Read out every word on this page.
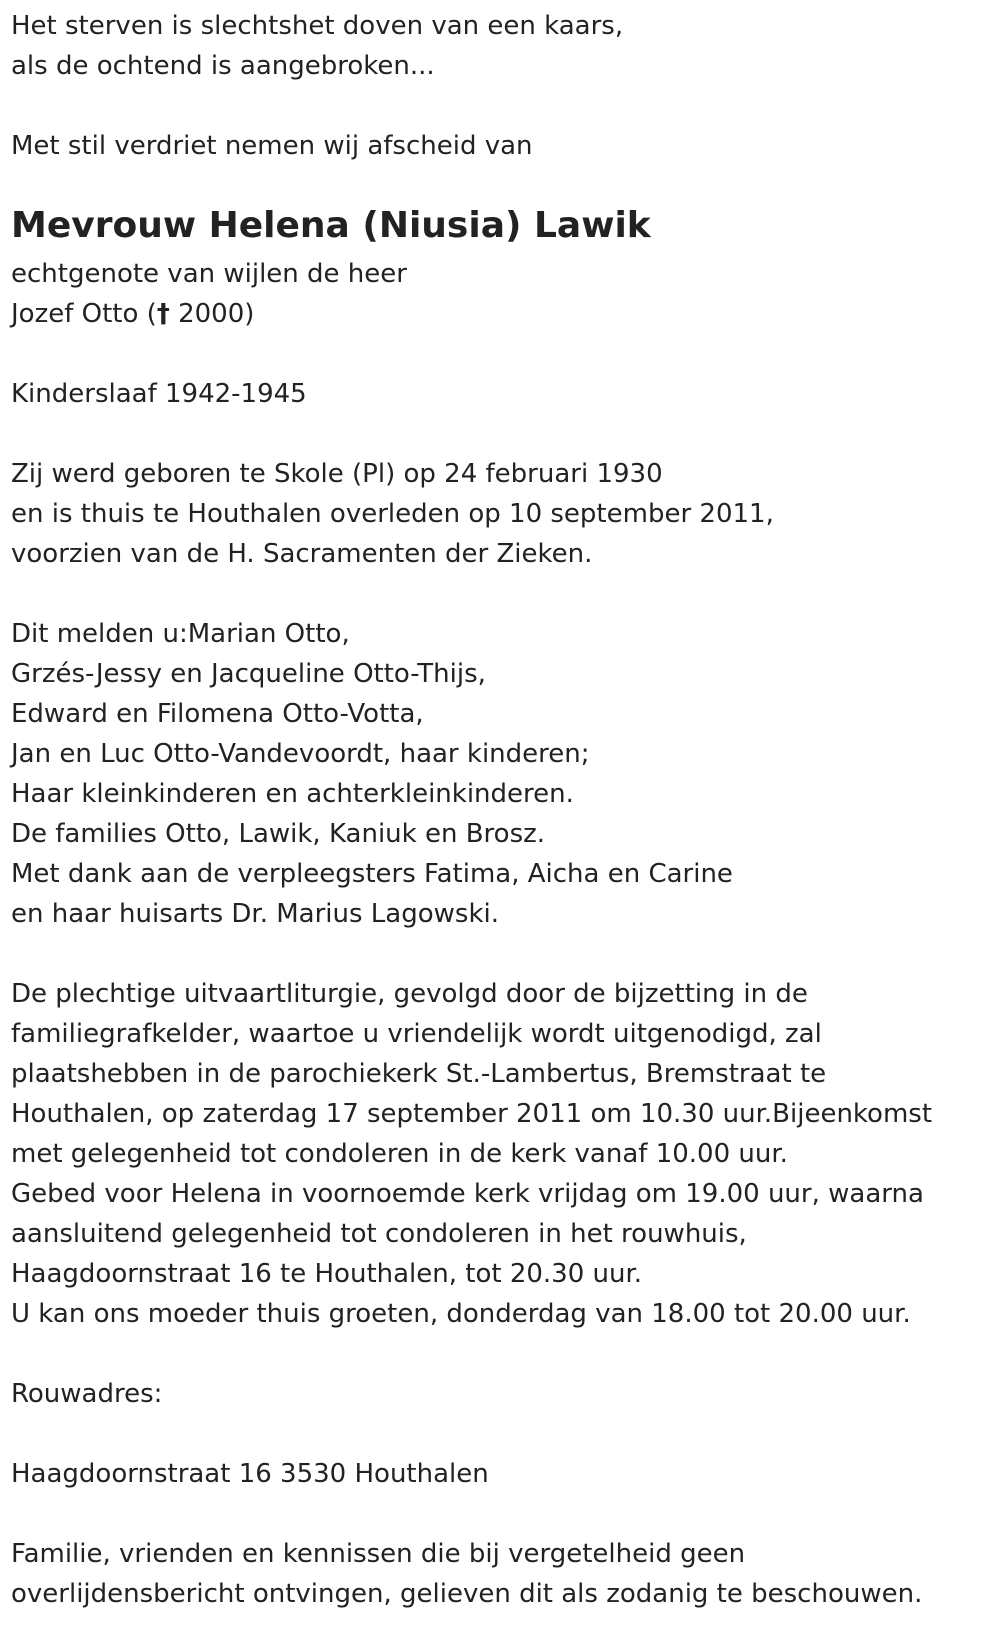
Het sterven is slechtshet doven van een kaars,

als de ochtend is aangebroken...

Met stil verdriet nemen wij afscheid van

Mevrouw Helena (Niusia) Lawik

echtgenote van wijlen de heer

Jozef Otto († 2000)

Kinderslaaf 1942-1945

Zij werd geboren te Skole (Pl) op 24 februari 1930

en is thuis te Houthalen overleden op 10 september 2011,

voorzien van de H. Sacramenten der Zieken.

Dit melden u:Marian Otto,

Grzés-Jessy en Jacqueline Otto-Thijs,

Edward en Filomena Otto-Votta,

Jan en Luc Otto-Vandevoordt, haar kinderen;

Haar kleinkinderen en achterkleinkinderen.

De families Otto, Lawik, Kaniuk en Brosz.

Met dank aan de verpleegsters Fatima, Aicha en Carine

en haar huisarts Dr. Marius Lagowski.

De plechtige uitvaartliturgie, gevolgd door de bijzetting in de

familiegrafkelder, waartoe u vriendelijk wordt uitgenodigd, zal

plaatshebben in de parochiekerk St.-Lambertus, Bremstraat te

Houthalen, op zaterdag 17 september 2011 om 10.30 uur.Bijeenkomst

met gelegenheid tot condoleren in de kerk vanaf 10.00 uur.

Gebed voor Helena in voornoemde kerk vrijdag om 19.00 uur, waarna

aansluitend gelegenheid tot condoleren in het rouwhuis,

Haagdoornstraat 16 te Houthalen, tot 20.30 uur.

U kan ons moeder thuis groeten, donderdag van 18.00 tot 20.00 uur.

Rouwadres:

Haagdoornstraat 16 3530 Houthalen

Familie, vrienden en kennissen die bij vergetelheid geen

overlijdensbericht ontvingen, gelieven dit als zodanig te beschouwen.
